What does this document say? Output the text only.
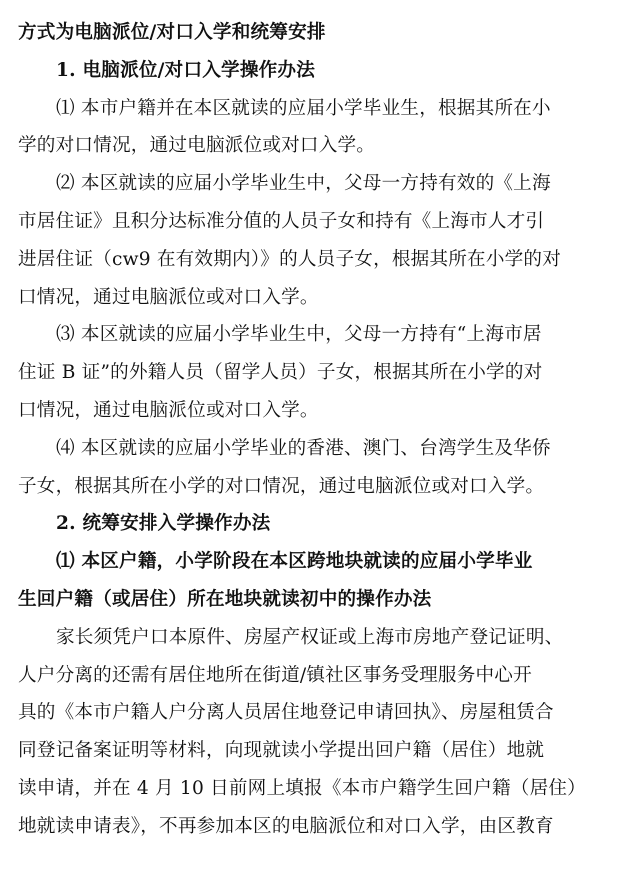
方式为电脑派位/对口入学和统筹安排
1. 电脑派位/对口入学操作办法
⑴ 本市户籍并在本区就读的应届小学毕业生，根据其所在小
学的对口情况，通过电脑派位或对口入学。
⑵ 本区就读的应届小学毕业生中，父母一方持有效的《上海
市居住证》且积分达标准分值的人员子女和持有《上海市人才引
进居住证（cw9 在有效期内）》的人员子女，根据其所在小学的对
口情况，通过电脑派位或对口入学。
⑶ 本区就读的应届小学毕业生中，父母一方持有“上海市居
住证 B 证”的外籍人员（留学人员）子女，根据其所在小学的对
口情况，通过电脑派位或对口入学。
⑷ 本区就读的应届小学毕业的香港、澳门、台湾学生及华侨
子女，根据其所在小学的对口情况，通过电脑派位或对口入学。
2. 统筹安排入学操作办法
⑴ 本区户籍，小学阶段在本区跨地块就读的应届小学毕业
生回户籍（或居住）所在地块就读初中的操作办法
家长须凭户口本原件、房屋产权证或上海市房地产登记证明、
人户分离的还需有居住地所在街道/镇社区事务受理服务中心开
具的《本市户籍人户分离人员居住地登记申请回执》、房屋租赁合
同登记备案证明等材料，向现就读小学提出回户籍（居住）地就
读申请，并在 4 月 10 日前网上填报《本市户籍学生回户籍（居住）
地就读申请表》，不再参加本区的电脑派位和对口入学，由区教育
